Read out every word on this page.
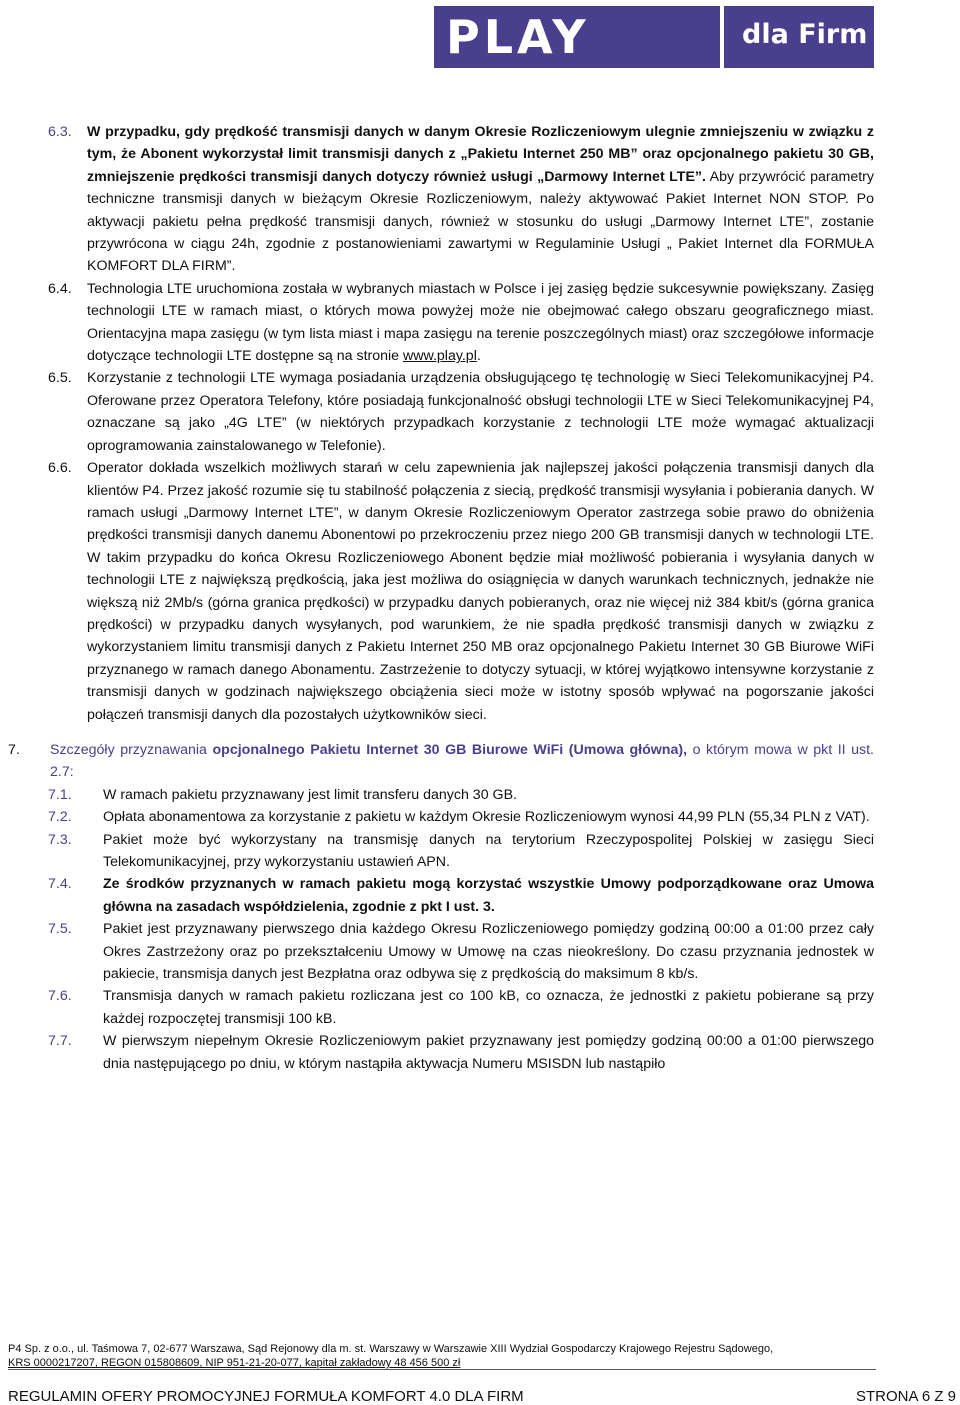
PLAY	dla Firm
6.3. W przypadku, gdy prędkość transmisji danych w danym Okresie Rozliczeniowym ulegnie zmniejszeniu w związku z tym, że Abonent wykorzystał limit transmisji danych z „Pakietu Internet 250 MB” oraz opcjonalnego pakietu 30 GB, zmniejszenie prędkości transmisji danych dotyczy również usługi „Darmowy Internet LTE”. Aby przywrócić parametry techniczne transmisji danych w bieżącym Okresie Rozliczeniowym, należy aktywować Pakiet Internet NON STOP. Po aktywacji pakietu pełna prędkość transmisji danych, również w stosunku do usługi „Darmowy Internet LTE”, zostanie przywrócona w ciągu 24h, zgodnie z postanowieniami zawartymi w Regulaminie Usługi „ Pakiet Internet dla FORMUŁA KOMFORT DLA FIRM”.
6.4. Technologia LTE uruchomiona została w wybranych miastach w Polsce i jej zasięg będzie sukcesywnie powiększany. Zasięg technologii LTE w ramach miast, o których mowa powyżej może nie obejmować całego obszaru geograficznego miast. Orientacyjna mapa zasięgu (w tym lista miast i mapa zasięgu na terenie poszczególnych miast) oraz szczegółowe informacje dotyczące technologii LTE dostępne są na stronie www.play.pl.
6.5. Korzystanie z technologii LTE wymaga posiadania urządzenia obsługującego tę technologię w Sieci Telekomunikacyjnej P4. Oferowane przez Operatora Telefony, które posiadają funkcjonalność obsługi technologii LTE w Sieci Telekomunikacyjnej P4, oznaczane są jako „4G LTE” (w niektórych przypadkach korzystanie z technologii LTE może wymagać aktualizacji oprogramowania zainstalowanego w Telefonie).
6.6. Operator dokłada wszelkich możliwych starań w celu zapewnienia jak najlepszej jakości połączenia transmisji danych dla klientów P4. Przez jakość rozumie się tu stabilność połączenia z siecią, prędkość transmisji wysyłania i pobierania danych. W ramach usługi „Darmowy Internet LTE”, w danym Okresie Rozliczeniowym Operator zastrzega sobie prawo do obniżenia prędkości transmisji danych danemu Abonentowi po przekroczeniu przez niego 200 GB transmisji danych w technologii LTE. W takim przypadku do końca Okresu Rozliczeniowego Abonent będzie miał możliwość pobierania i wysyłania danych w technologii LTE z największą prędkością, jaka jest możliwa do osiągnięcia w danych warunkach technicznych, jednakże nie większą niż 2Mb/s (górna granica prędkości) w przypadku danych pobieranych, oraz nie więcej niż 384 kbit/s (górna granica prędkości) w przypadku danych wysyłanych, pod warunkiem, że nie spadła prędkość transmisji danych w związku z wykorzystaniem limitu transmisji danych z Pakietu Internet 250 MB oraz opcjonalnego Pakietu Internet 30 GB Biurowe WiFi przyznanego w ramach danego Abonamentu. Zastrzeżenie to dotyczy sytuacji, w której wyjątkowo intensywne korzystanie z transmisji danych w godzinach największego obciążenia sieci może w istotny sposób wpływać na pogorszanie jakości połączeń transmisji danych dla pozostałych użytkowników sieci.
7. Szczegóły przyznawania opcjonalnego Pakietu Internet 30 GB Biurowe WiFi (Umowa główna), o którym mowa w pkt II ust. 2.7:
7.1. W ramach pakietu przyznawany jest limit transferu danych 30 GB.
7.2. Opłata abonamentowa za korzystanie z pakietu w każdym Okresie Rozliczeniowym wynosi 44,99 PLN (55,34 PLN z VAT).
7.3. Pakiet może być wykorzystany na transmisję danych na terytorium Rzeczypospolitej Polskiej w zasięgu Sieci Telekomunikacyjnej, przy wykorzystaniu ustawień APN.
7.4. Ze środków przyznanych w ramach pakietu mogą korzystać wszystkie Umowy podporządkowane oraz Umowa główna na zasadach współdzielenia, zgodnie z pkt I ust. 3.
7.5. Pakiet jest przyznawany pierwszego dnia każdego Okresu Rozliczeniowego pomiędzy godziną 00:00 a 01:00 przez cały Okres Zastrzeżony oraz po przekształceniu Umowy w Umowę na czas nieokreślony. Do czasu przyznania jednostek w pakiecie, transmisja danych jest Bezpłatna oraz odbywa się z prędkością do maksimum 8 kb/s.
7.6. Transmisja danych w ramach pakietu rozliczana jest co 100 kB, co oznacza, że jednostki z pakietu pobierane są przy każdej rozpoczętej transmisji 100 kB.
7.7. W pierwszym niepełnym Okresie Rozliczeniowym pakiet przyznawany jest pomiędzy godziną 00:00 a 01:00 pierwszego dnia następującego po dniu, w którym nastąpiła aktywacja Numeru MSISDN lub nastąpiło
P4 Sp. z o.o., ul. Taśmowa 7, 02-677 Warszawa, Sąd Rejonowy dla m. st. Warszawy w Warszawie XIII Wydział Gospodarczy Krajowego Rejestru Sądowego,
KRS 0000217207, REGON 015808609, NIP 951-21-20-077, kapitał zakładowy 48 456 500 zł
REGULAMIN OFERY PROMOCYJNEJ FORMUŁA KOMFORT 4.0 DLA FIRM	STRONA 6 Z 9
